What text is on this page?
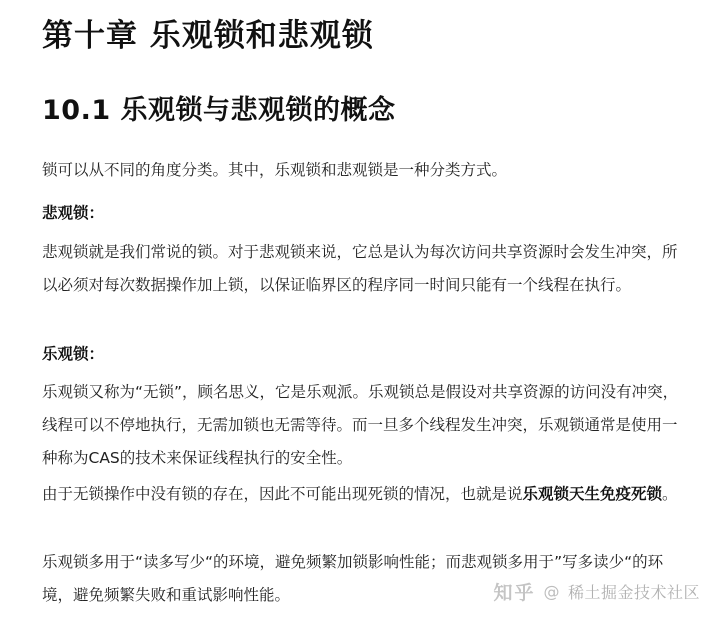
第十章 乐观锁和悲观锁
10.1 乐观锁与悲观锁的概念

锁可以从不同的角度分类。其中，乐观锁和悲观锁是一种分类方式。

悲观锁：

悲观锁就是我们常说的锁。对于悲观锁来说，它总是认为每次访问共享资源时会发生冲突，所以必须对每次数据操作加上锁，以保证临界区的程序同一时间只能有一个线程在执行。

乐观锁：

乐观锁又称为“无锁”，顾名思义，它是乐观派。乐观锁总是假设对共享资源的访问没有冲突，线程可以不停地执行，无需加锁也无需等待。而一旦多个线程发生冲突，乐观锁通常是使用一种称为CAS的技术来保证线程执行的安全性。

由于无锁操作中没有锁的存在，因此不可能出现死锁的情况，也就是说乐观锁天生免疫死锁。

乐观锁多用于“读多写少“的环境，避免频繁加锁影响性能；而悲观锁多用于”写多读少“的环境，避免频繁失败和重试影响性能。	知乎 @ 稀土掘金技术社区
